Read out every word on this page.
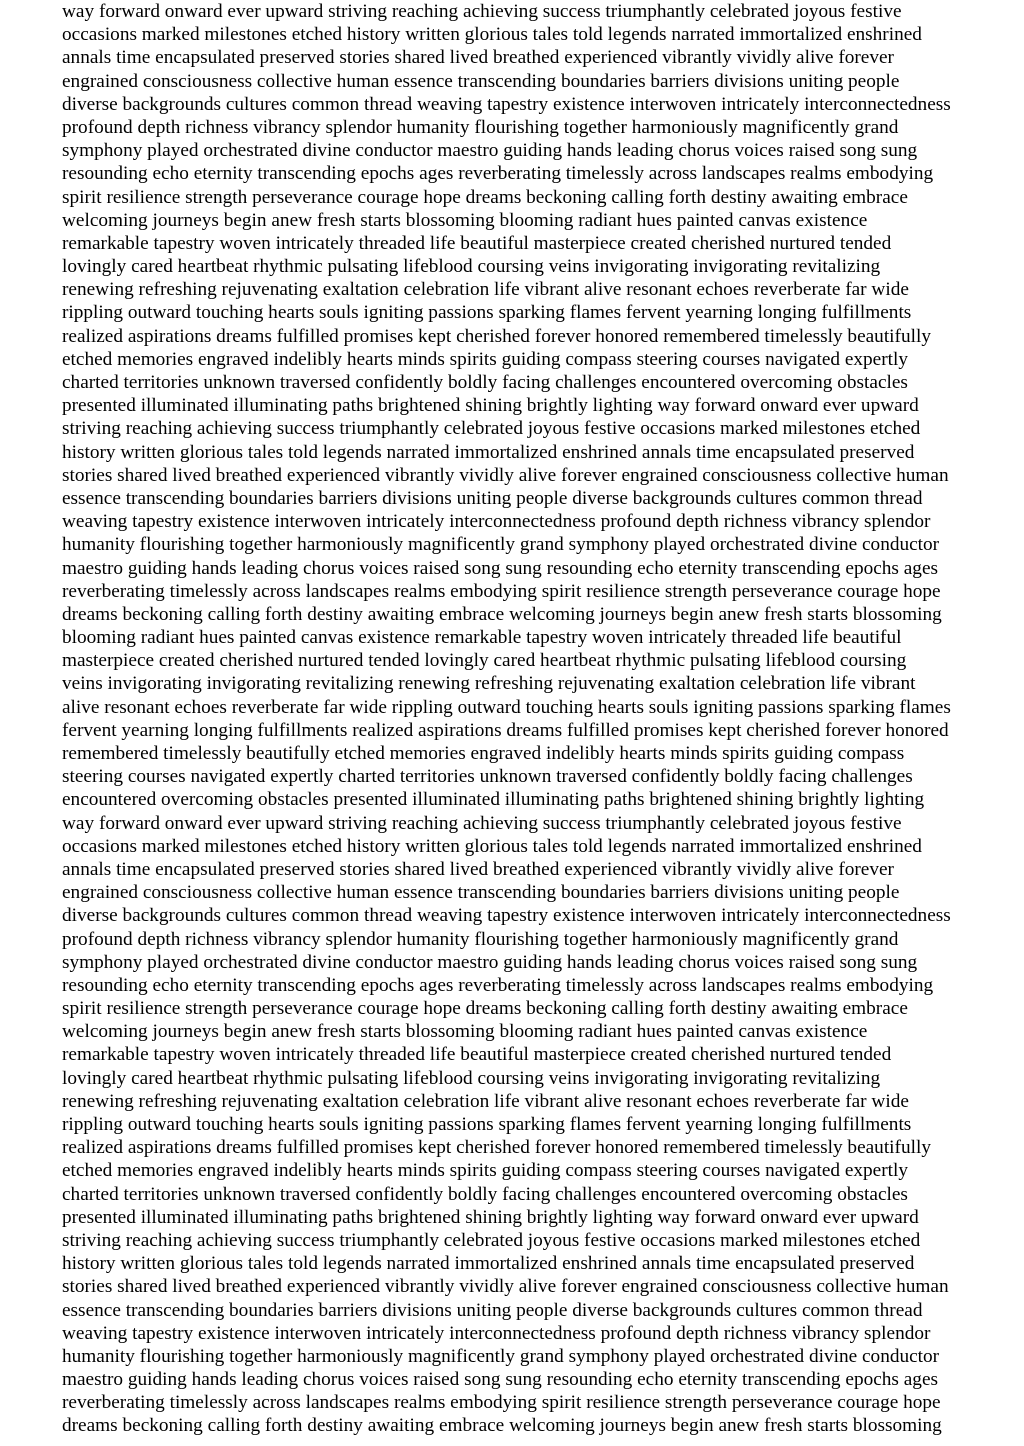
way forward onward ever upward striving reaching achieving success triumphantly celebrated joyous festive
occasions marked milestones etched history written glorious tales told legends narrated immortalized enshrined
annals time encapsulated preserved stories shared lived breathed experienced vibrantly vividly alive forever
engrained consciousness collective human essence transcending boundaries barriers divisions uniting people
diverse backgrounds cultures common thread weaving tapestry existence interwoven intricately interconnectedness
profound depth richness vibrancy splendor humanity flourishing together harmoniously magnificently grand
symphony played orchestrated divine conductor maestro guiding hands leading chorus voices raised song sung
resounding echo eternity transcending epochs ages reverberating timelessly across landscapes realms embodying
spirit resilience strength perseverance courage hope dreams beckoning calling forth destiny awaiting embrace
welcoming journeys begin anew fresh starts blossoming blooming radiant hues painted canvas existence
remarkable tapestry woven intricately threaded life beautiful masterpiece created cherished nurtured tended
lovingly cared heartbeat rhythmic pulsating lifeblood coursing veins invigorating invigorating revitalizing
renewing refreshing rejuvenating exaltation celebration life vibrant alive resonant echoes reverberate far wide
rippling outward touching hearts souls igniting passions sparking flames fervent yearning longing fulfillments
realized aspirations dreams fulfilled promises kept cherished forever honored remembered timelessly beautifully
etched memories engraved indelibly hearts minds spirits guiding compass steering courses navigated expertly
charted territories unknown traversed confidently boldly facing challenges encountered overcoming obstacles
presented illuminated illuminating paths brightened shining brightly lighting way forward onward ever upward
striving reaching achieving success triumphantly celebrated joyous festive occasions marked milestones etched
history written glorious tales told legends narrated immortalized enshrined annals time encapsulated preserved
stories shared lived breathed experienced vibrantly vividly alive forever engrained consciousness collective human
essence transcending boundaries barriers divisions uniting people diverse backgrounds cultures common thread
weaving tapestry existence interwoven intricately interconnectedness profound depth richness vibrancy splendor
humanity flourishing together harmoniously magnificently grand symphony played orchestrated divine conductor
maestro guiding hands leading chorus voices raised song sung resounding echo eternity transcending epochs ages
reverberating timelessly across landscapes realms embodying spirit resilience strength perseverance courage hope
dreams beckoning calling forth destiny awaiting embrace welcoming journeys begin anew fresh starts blossoming
blooming radiant hues painted canvas existence remarkable tapestry woven intricately threaded life beautiful
masterpiece created cherished nurtured tended lovingly cared heartbeat rhythmic pulsating lifeblood coursing
veins invigorating invigorating revitalizing renewing refreshing rejuvenating exaltation celebration life vibrant
alive resonant echoes reverberate far wide rippling outward touching hearts souls igniting passions sparking flames
fervent yearning longing fulfillments realized aspirations dreams fulfilled promises kept cherished forever honored
remembered timelessly beautifully etched memories engraved indelibly hearts minds spirits guiding compass
steering courses navigated expertly charted territories unknown traversed confidently boldly facing challenges
encountered overcoming obstacles presented illuminated illuminating paths brightened shining brightly lighting
way forward onward ever upward striving reaching achieving success triumphantly celebrated joyous festive
occasions marked milestones etched history written glorious tales told legends narrated immortalized enshrined
annals time encapsulated preserved stories shared lived breathed experienced vibrantly vividly alive forever
engrained consciousness collective human essence transcending boundaries barriers divisions uniting people
diverse backgrounds cultures common thread weaving tapestry existence interwoven intricately interconnectedness
profound depth richness vibrancy splendor humanity flourishing together harmoniously magnificently grand
symphony played orchestrated divine conductor maestro guiding hands leading chorus voices raised song sung
resounding echo eternity transcending epochs ages reverberating timelessly across landscapes realms embodying
spirit resilience strength perseverance courage hope dreams beckoning calling forth destiny awaiting embrace
welcoming journeys begin anew fresh starts blossoming blooming radiant hues painted canvas existence
remarkable tapestry woven intricately threaded life beautiful masterpiece created cherished nurtured tended
lovingly cared heartbeat rhythmic pulsating lifeblood coursing veins invigorating invigorating revitalizing
renewing refreshing rejuvenating exaltation celebration life vibrant alive resonant echoes reverberate far wide
rippling outward touching hearts souls igniting passions sparking flames fervent yearning longing fulfillments
realized aspirations dreams fulfilled promises kept cherished forever honored remembered timelessly beautifully
etched memories engraved indelibly hearts minds spirits guiding compass steering courses navigated expertly
charted territories unknown traversed confidently boldly facing challenges encountered overcoming obstacles
presented illuminated illuminating paths brightened shining brightly lighting way forward onward ever upward
striving reaching achieving success triumphantly celebrated joyous festive occasions marked milestones etched
history written glorious tales told legends narrated immortalized enshrined annals time encapsulated preserved
stories shared lived breathed experienced vibrantly vividly alive forever engrained consciousness collective human
essence transcending boundaries barriers divisions uniting people diverse backgrounds cultures common thread
weaving tapestry existence interwoven intricately interconnectedness profound depth richness vibrancy splendor
humanity flourishing together harmoniously magnificently grand symphony played orchestrated divine conductor
maestro guiding hands leading chorus voices raised song sung resounding echo eternity transcending epochs ages
reverberating timelessly across landscapes realms embodying spirit resilience strength perseverance courage hope
dreams beckoning calling forth destiny awaiting embrace welcoming journeys begin anew fresh starts blossoming
